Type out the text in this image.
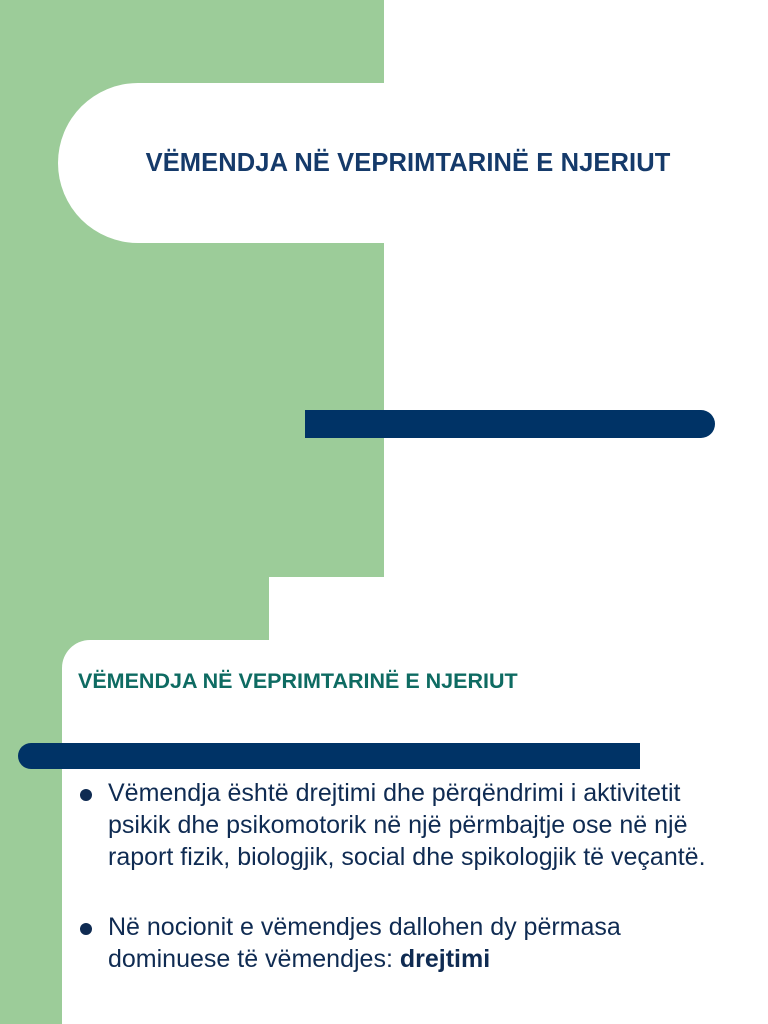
VËMENDJA NË VEPRIMTARINË E NJERIUT
VËMENDJA NË VEPRIMTARINË E NJERIUT
Vëmendja është drejtimi dhe përqëndrimi i aktivitetit psikik dhe psikomotorik në një përmbajtje ose në një raport fizik, biologjik, social dhe spikologjik të veçantë.
Në nocionit e vëmendjes dallohen dy përmasa dominuese të vëmendjes: drejtimi
